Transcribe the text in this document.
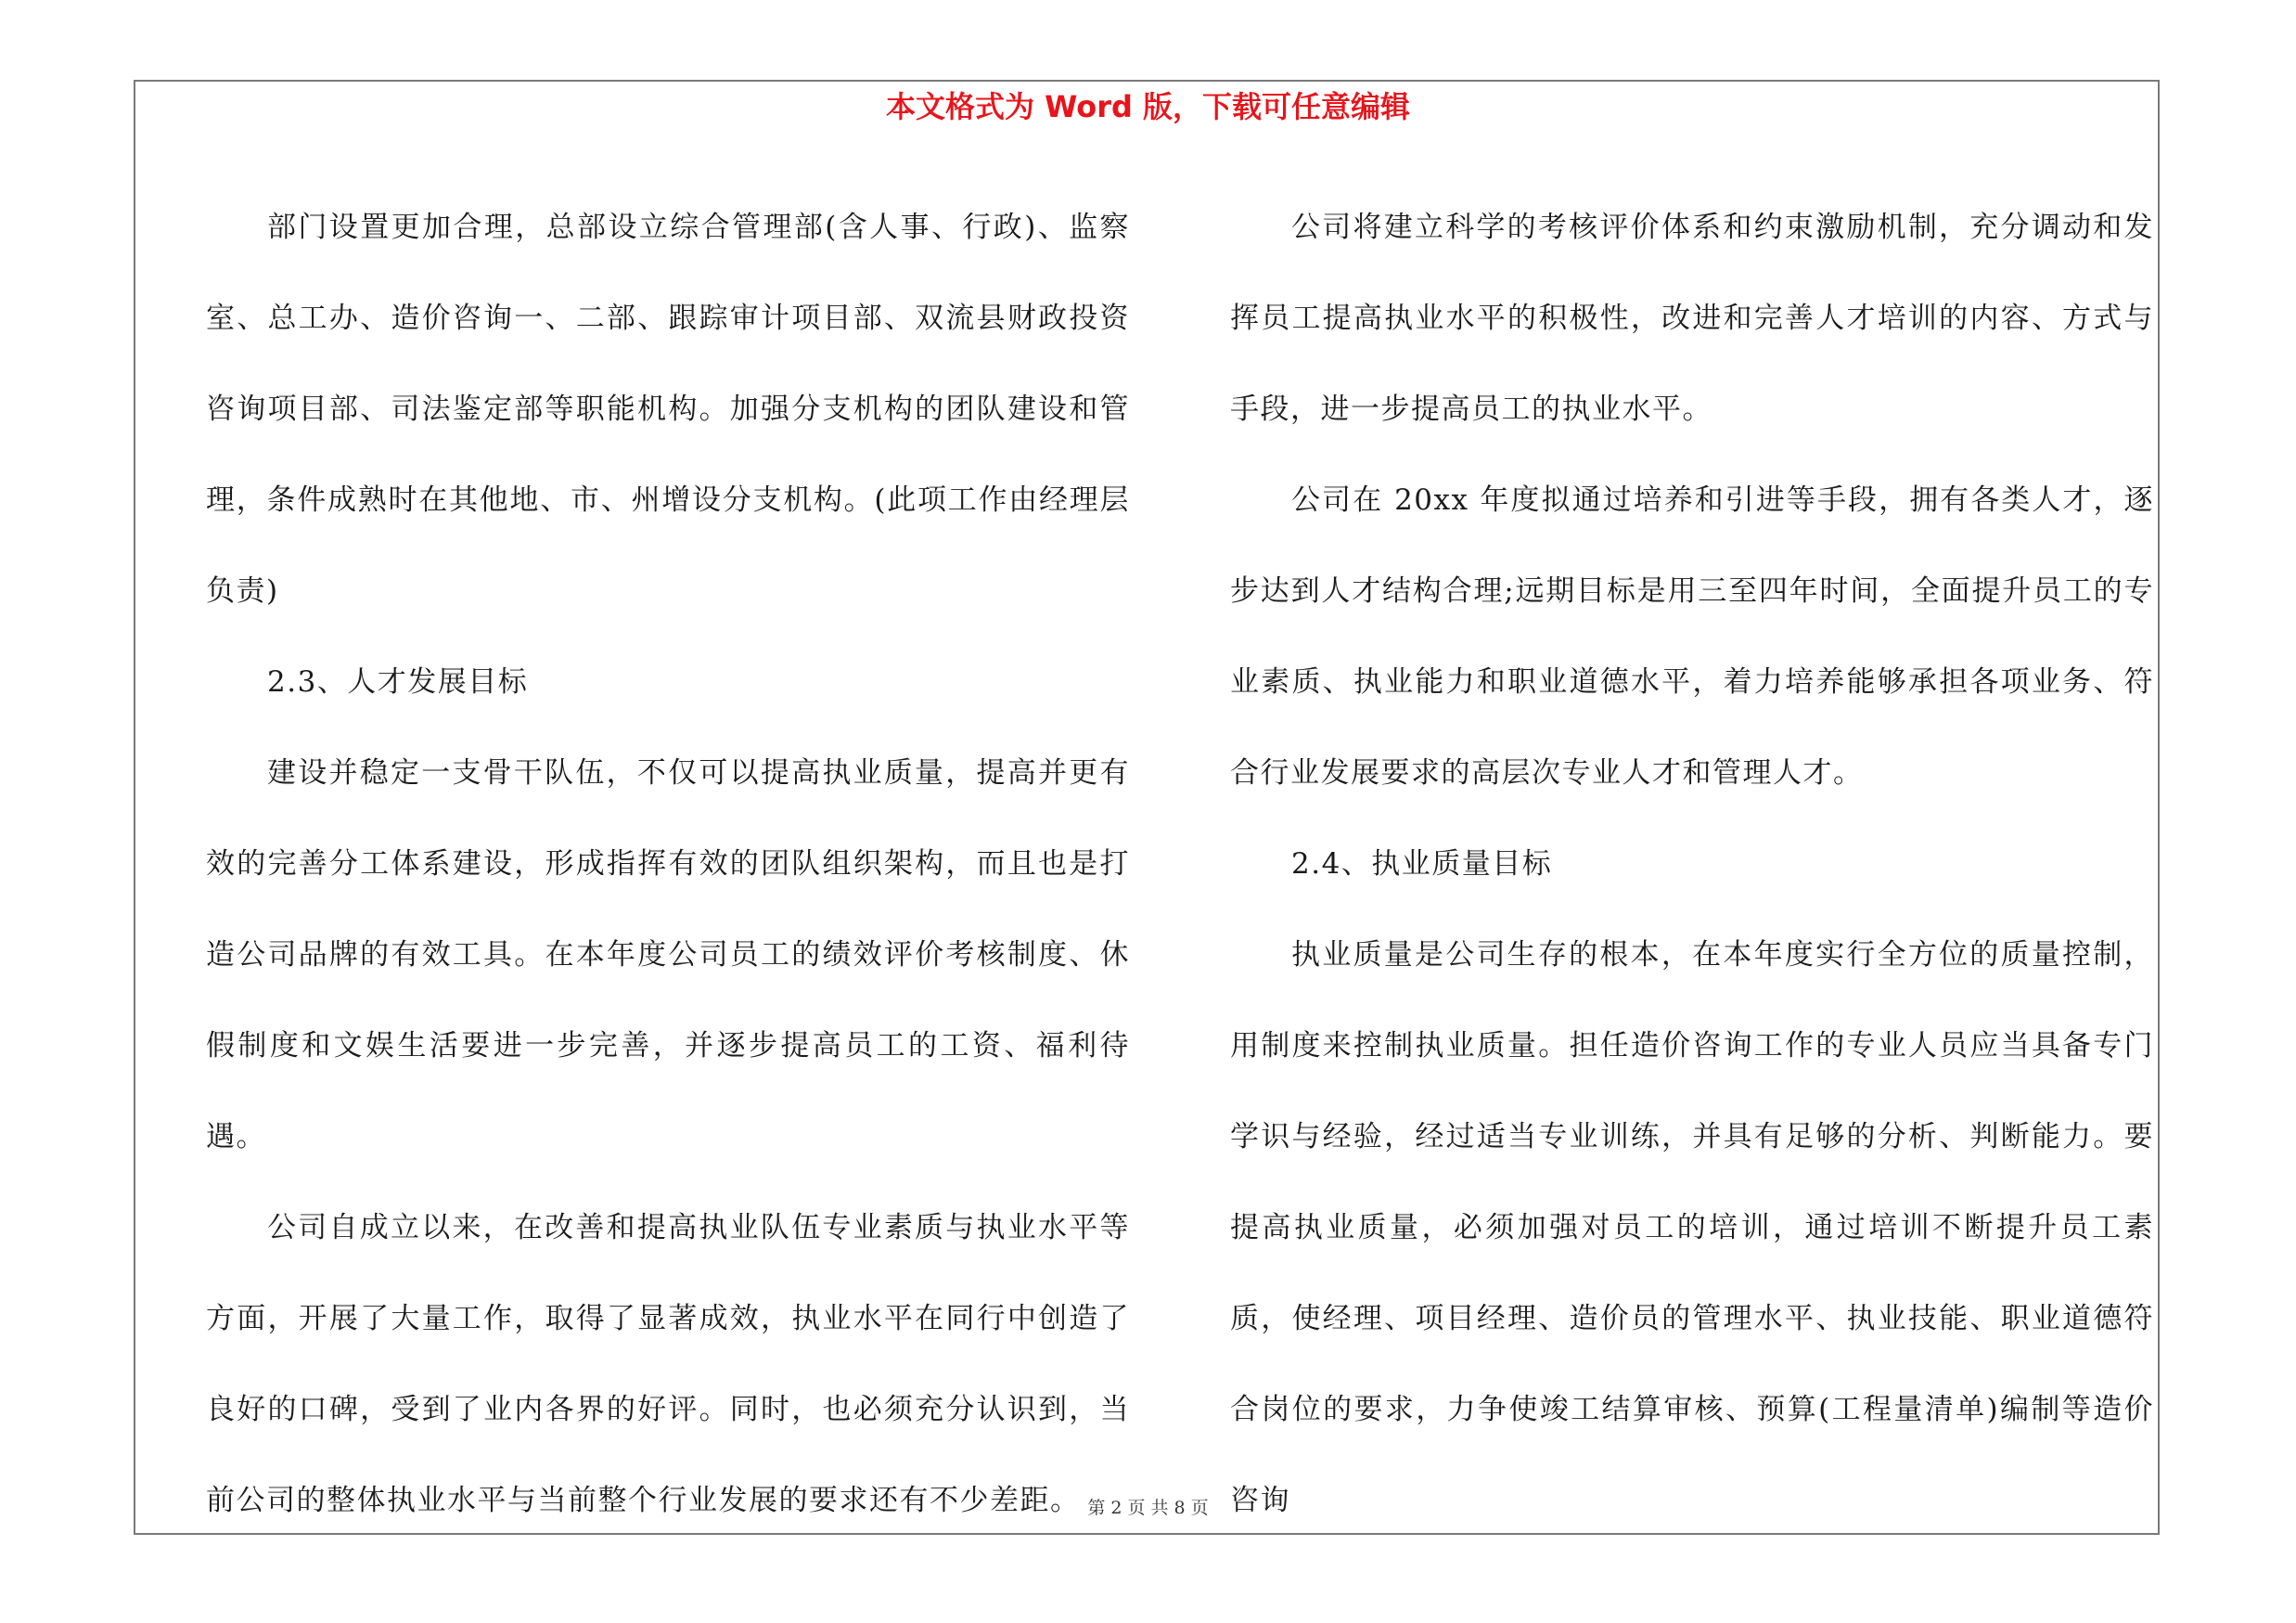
本文格式为 Word 版，下载可任意编辑

部门设置更加合理，总部设立综合管理部(含人事、行政)、监察室、总工办、造价咨询一、二部、跟踪审计项目部、双流县财政投资咨询项目部、司法鉴定部等职能机构。加强分支机构的团队建设和管理，条件成熟时在其他地、市、州增设分支机构。(此项工作由经理层负责)

2.3、人才发展目标

建设并稳定一支骨干队伍，不仅可以提高执业质量，提高并更有效的完善分工体系建设，形成指挥有效的团队组织架构，而且也是打造公司品牌的有效工具。在本年度公司员工的绩效评价考核制度、休假制度和文娱生活要进一步完善，并逐步提高员工的工资、福利待遇。

公司自成立以来，在改善和提高执业队伍专业素质与执业水平等方面，开展了大量工作，取得了显著成效，执业水平在同行中创造了良好的口碑，受到了业内各界的好评。同时，也必须充分认识到，当前公司的整体执业水平与当前整个行业发展的要求还有不少差距。

公司将建立科学的考核评价体系和约束激励机制，充分调动和发挥员工提高执业水平的积极性，改进和完善人才培训的内容、方式与手段，进一步提高员工的执业水平。

公司在 20xx 年度拟通过培养和引进等手段，拥有各类人才，逐步达到人才结构合理;远期目标是用三至四年时间，全面提升员工的专业素质、执业能力和职业道德水平，着力培养能够承担各项业务、符合行业发展要求的高层次专业人才和管理人才。

2.4、执业质量目标

执业质量是公司生存的根本，在本年度实行全方位的质量控制，用制度来控制执业质量。担任造价咨询工作的专业人员应当具备专门学识与经验，经过适当专业训练，并具有足够的分析、判断能力。要提高执业质量，必须加强对员工的培训，通过培训不断提升员工素质，使经理、项目经理、造价员的管理水平、执业技能、职业道德符合岗位的要求，力争使竣工结算审核、预算(工程量清单)编制等造价咨询

第 2 页 共 8 页
